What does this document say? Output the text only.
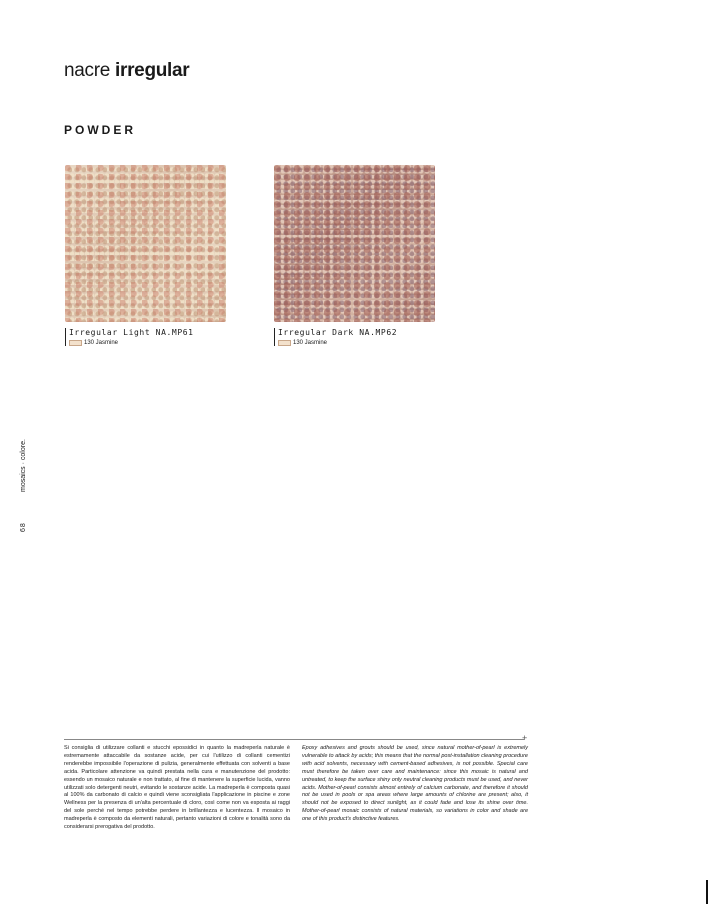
nacre irregular
POWDER
Irregular Light NA.MP61
130 Jasmine
Irregular Dark NA.MP62
130 Jasmine
mosaics · colore.
68
+
Si consiglia di utilizzare collanti e stucchi epossidici in quanto la madreperla naturale è estremamente attaccabile da sostanze acide, per cui l'utilizzo di collanti cementizi renderebbe impossibile l'operazione di pulizia, generalmente effettuata con solventi a base acida. Particolare attenzione va quindi prestata nella cura e manutenzione del prodotto: essendo un mosaico naturale e non trattato, al fine di mantenere la superficie lucida, vanno utilizzati solo detergenti neutri, evitando le sostanze acide. La madreperla è composta quasi al 100% da carbonato di calcio e quindi viene sconsigliata l'applicazione in piscine e zone Wellness per la presenza di un'alta percentuale di cloro, così come non va esposta ai raggi del sole perché nel tempo potrebbe perdere in brillantezza e lucentezza. Il mosaico in madreperla è composto da elementi naturali, pertanto variazioni di colore e tonalità sono da considerarsi prerogativa del prodotto.
Epoxy adhesives and grouts should be used, since natural mother-of-pearl is extremely vulnerable to attack by acids; this means that the normal post-installation cleaning procedure with acid solvents, necessary with cement-based adhesives, is not possible. Special care must therefore be taken over care and maintenance: since this mosaic is natural and untreated, to keep the surface shiny only neutral cleaning products must be used, and never acids. Mother-of-pearl consists almost entirely of calcium carbonate, and therefore it should not be used in pools or spa areas where large amounts of chlorine are present; also, it should not be exposed to direct sunlight, as it could fade and lose its shine over time. Mother-of-pearl mosaic consists of natural materials, so variations in color and shade are one of this product's distinctive features.
